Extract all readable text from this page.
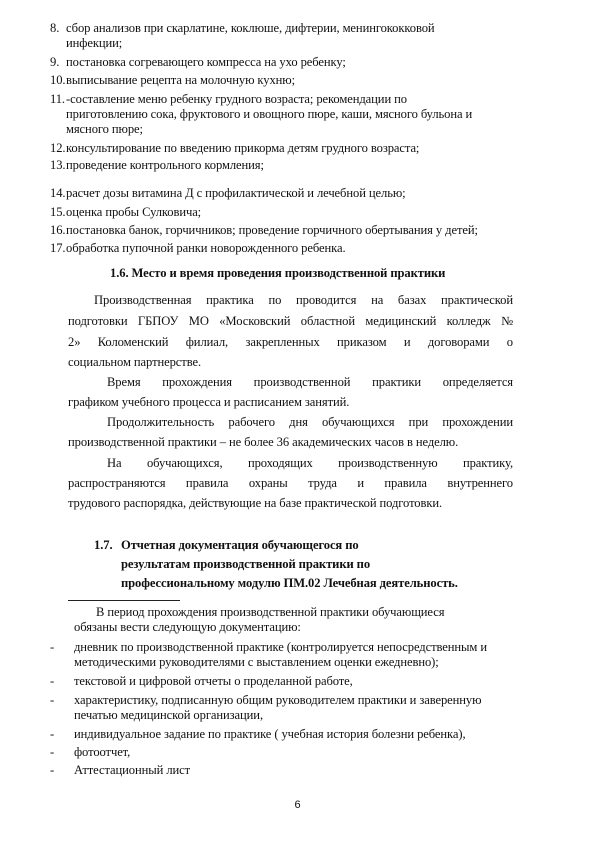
8. сбор анализов при скарлатине, коклюше, дифтерии, менингококковой
инфекции;
9. постановка согревающего компресса на ухо ребенку;
10. выписывание рецепта на молочную кухню;
11. -составление меню ребенку грудного возраста; рекомендации по
приготовлению сока, фруктового и овощного пюре, каши, мясного бульона и
мясного пюре;
12. консультирование по введению прикорма детям грудного возраста;
13. проведение контрольного кормления;
14. расчет дозы витамина Д с профилактической и лечебной целью;
15. оценка пробы Сулковича;
16. постановка банок, горчичников; проведение горчичного обертывания у детей;
17. обработка пупочной ранки новорожденного ребенка.
1.6. Место и время проведения производственной практики
Производственная практика по проводится на базах практической
подготовки ГБПОУ МО «Московский областной медицинский колледж №
2» Коломенский филиал, закрепленных приказом и договорами о
социальном партнерстве.
Время прохождения производственной практики определяется
графиком учебного процесса и расписанием занятий.
Продолжительность рабочего дня обучающихся при прохождении
производственной практики – не более 36 академических часов в неделю.
На обучающихся, проходящих производственную практику,
распространяются правила охраны труда и правила внутреннего
трудового распорядка, действующие на базе практической подготовки.
1.7. Отчетная документация обучающегося по
результатам производственной практики по
профессиональному модулю ПМ.02 Лечебная деятельность.
В период прохождения производственной практики обучающиеся
обязаны вести следующую документацию:
- дневник по производственной практике (контролируется непосредственным и
методическими руководителями с выставлением оценки ежедневно);
- текстовой и цифровой отчеты о проделанной работе,
- характеристику, подписанную общим руководителем практики и заверенную
печатью медицинской организации,
- индивидуальное задание по практике ( учебная история болезни ребенка),
- фотоотчет,
- Аттестационный лист
6
